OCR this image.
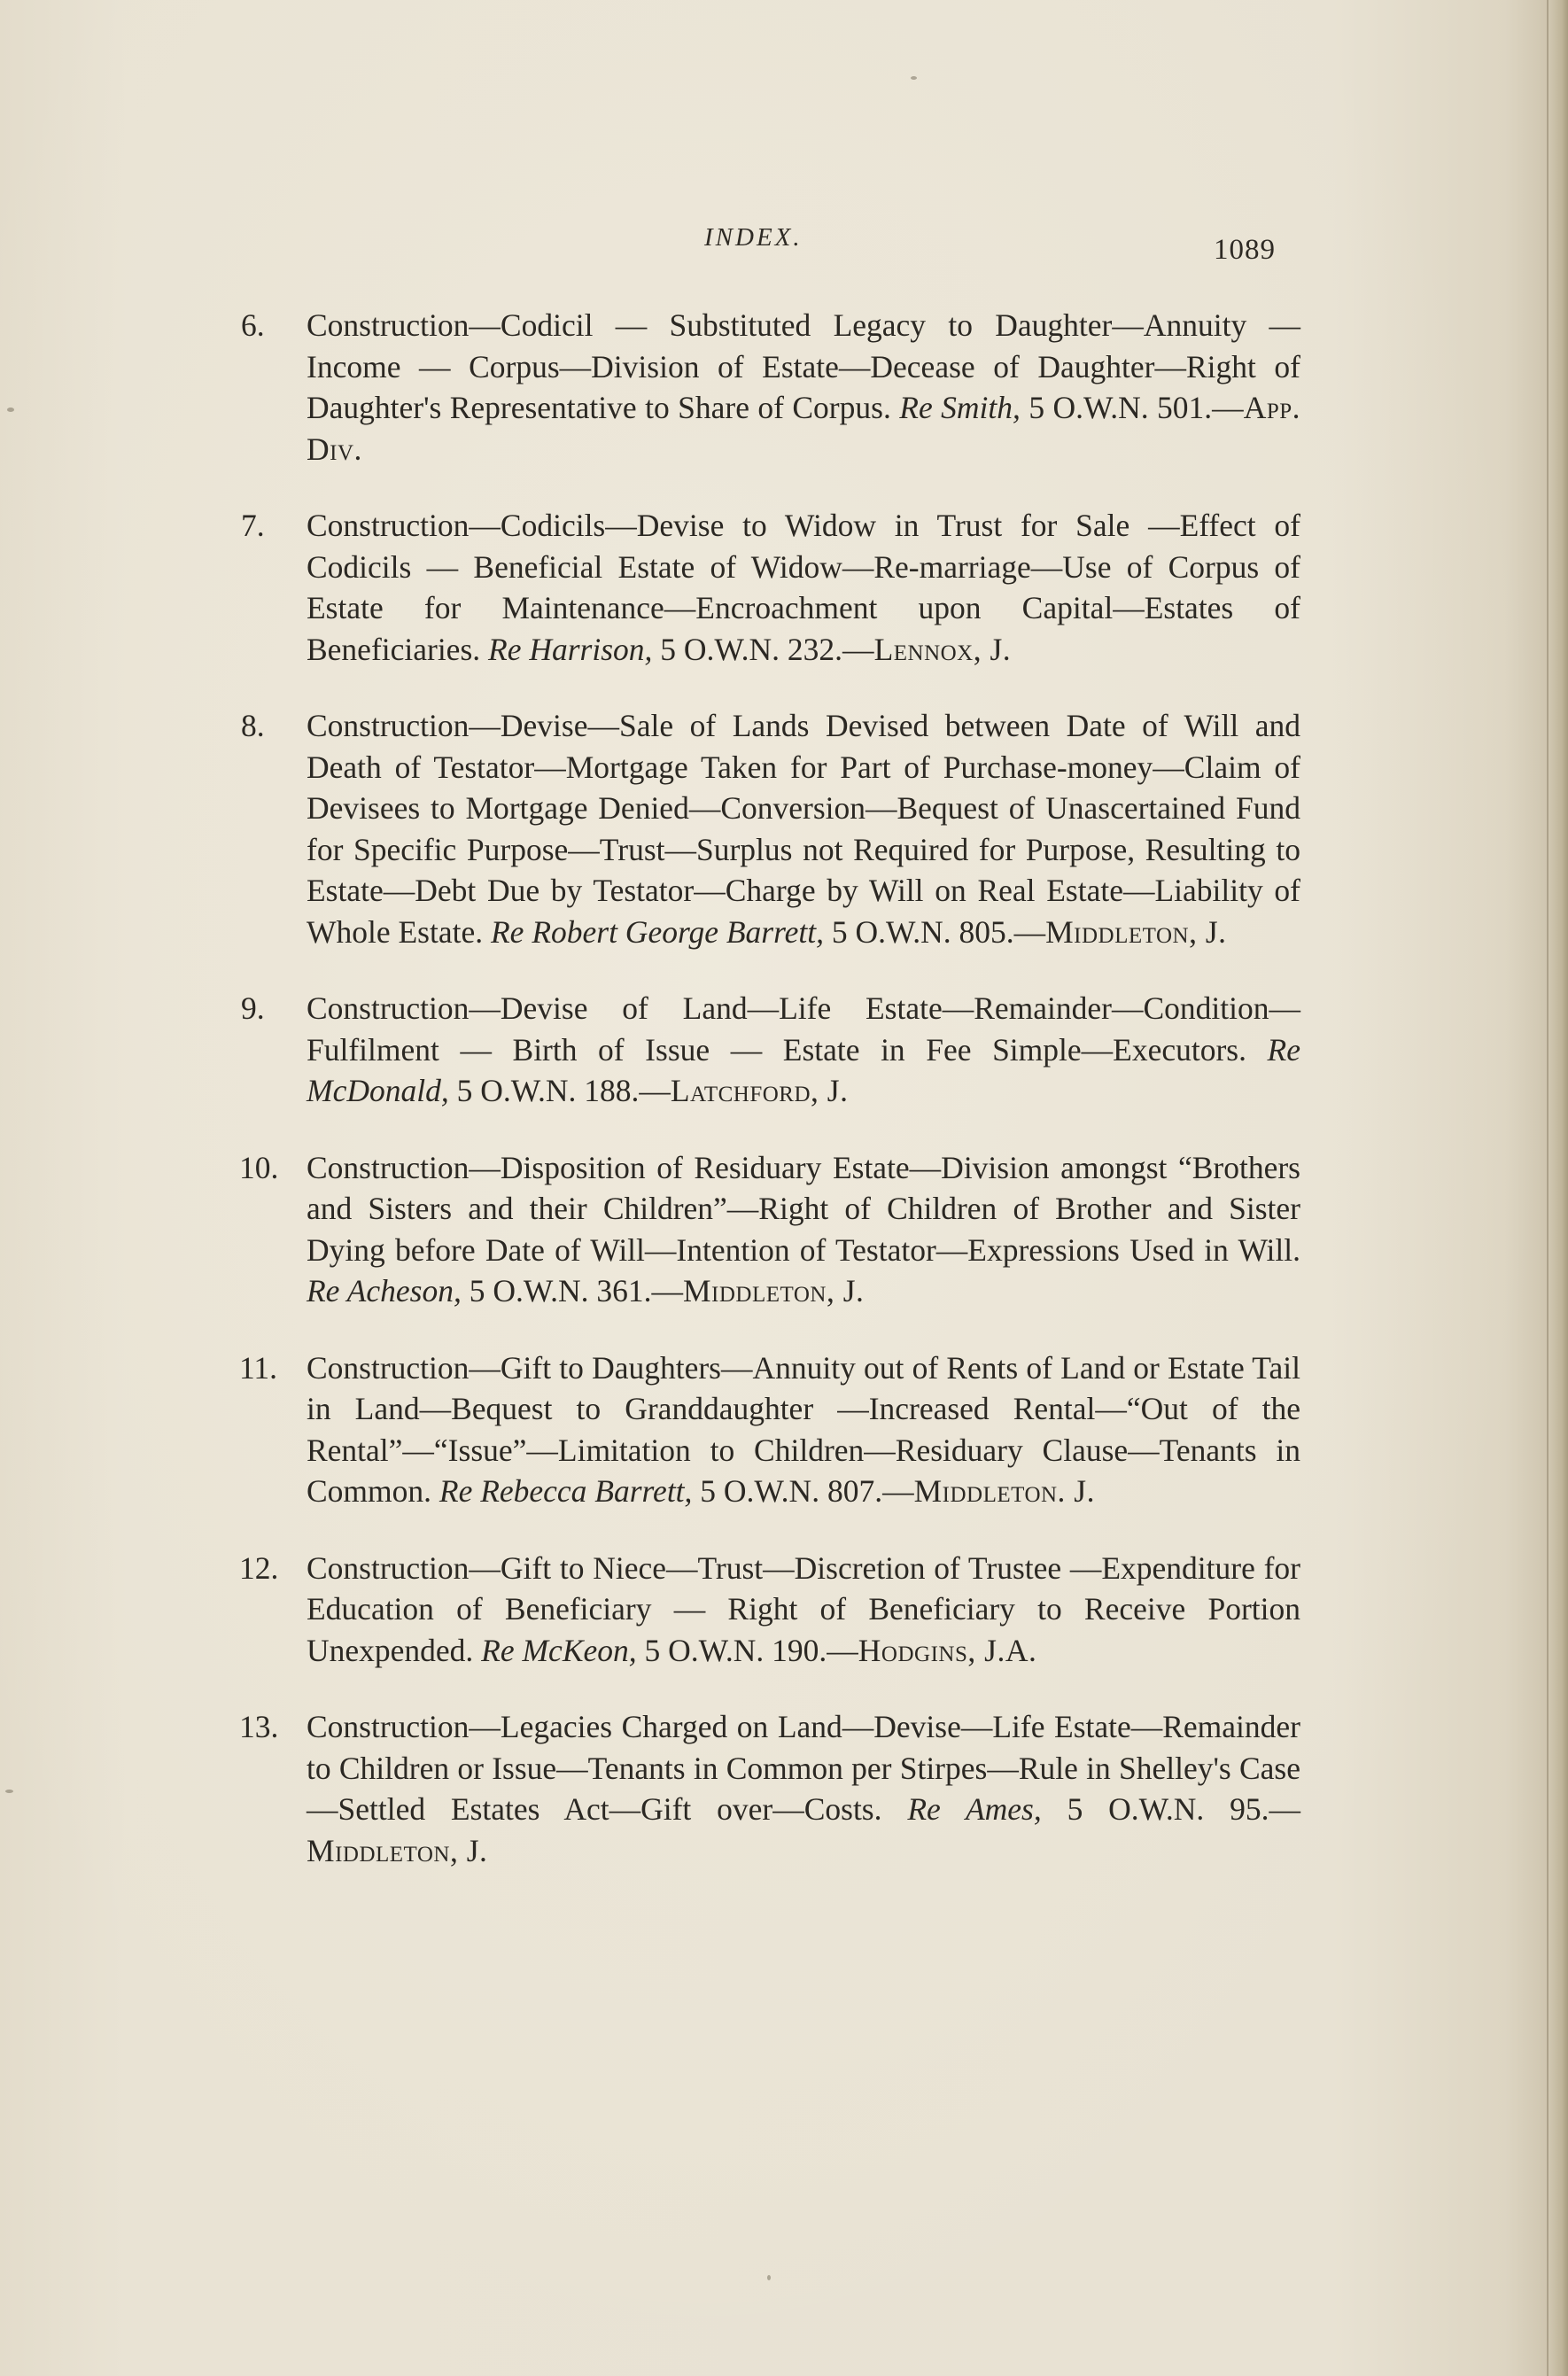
INDEX.	1089
6.	Construction—Codicil — Substituted Legacy to Daughter—Annuity — Income — Corpus—Division of Estate—Decease of Daughter—Right of Daughter's Representative to Share of Corpus. Re Smith, 5 O.W.N. 501.—App. Div.
7.	Construction—Codicils—Devise to Widow in Trust for Sale —Effect of Codicils — Beneficial Estate of Widow—Re-marriage—Use of Corpus of Estate for Maintenance—Encroachment upon Capital—Estates of Beneficiaries. Re Harrison, 5 O.W.N. 232.—Lennox, J.
8.	Construction—Devise—Sale of Lands Devised between Date of Will and Death of Testator—Mortgage Taken for Part of Purchase-money—Claim of Devisees to Mortgage Denied—Conversion—Bequest of Unascertained Fund for Specific Purpose—Trust—Surplus not Required for Purpose, Resulting to Estate—Debt Due by Testator—Charge by Will on Real Estate—Liability of Whole Estate. Re Robert George Barrett, 5 O.W.N. 805.—Middleton, J.
9.	Construction—Devise of Land—Life Estate—Remainder—Condition—Fulfilment — Birth of Issue — Estate in Fee Simple—Executors. Re McDonald, 5 O.W.N. 188.—Latchford, J.
10. Construction—Disposition of Residuary Estate—Division amongst “Brothers and Sisters and their Children”—Right of Children of Brother and Sister Dying before Date of Will—Intention of Testator—Expressions Used in Will. Re Acheson, 5 O.W.N. 361.—Middleton, J.
11. Construction—Gift to Daughters—Annuity out of Rents of Land or Estate Tail in Land—Bequest to Granddaughter —Increased Rental—“Out of the Rental”—“Issue”—Limitation to Children—Residuary Clause—Tenants in Common. Re Rebecca Barrett, 5 O.W.N. 807.—Middleton. J.
12. Construction—Gift to Niece—Trust—Discretion of Trustee —Expenditure for Education of Beneficiary — Right of Beneficiary to Receive Portion Unexpended. Re McKeon, 5 O.W.N. 190.—Hodgins, J.A.
13. Construction—Legacies Charged on Land—Devise—Life Estate—Remainder to Children or Issue—Tenants in Common per Stirpes—Rule in Shelley's Case—Settled Estates Act—Gift over—Costs. Re Ames, 5 O.W.N. 95.—Middleton, J.
